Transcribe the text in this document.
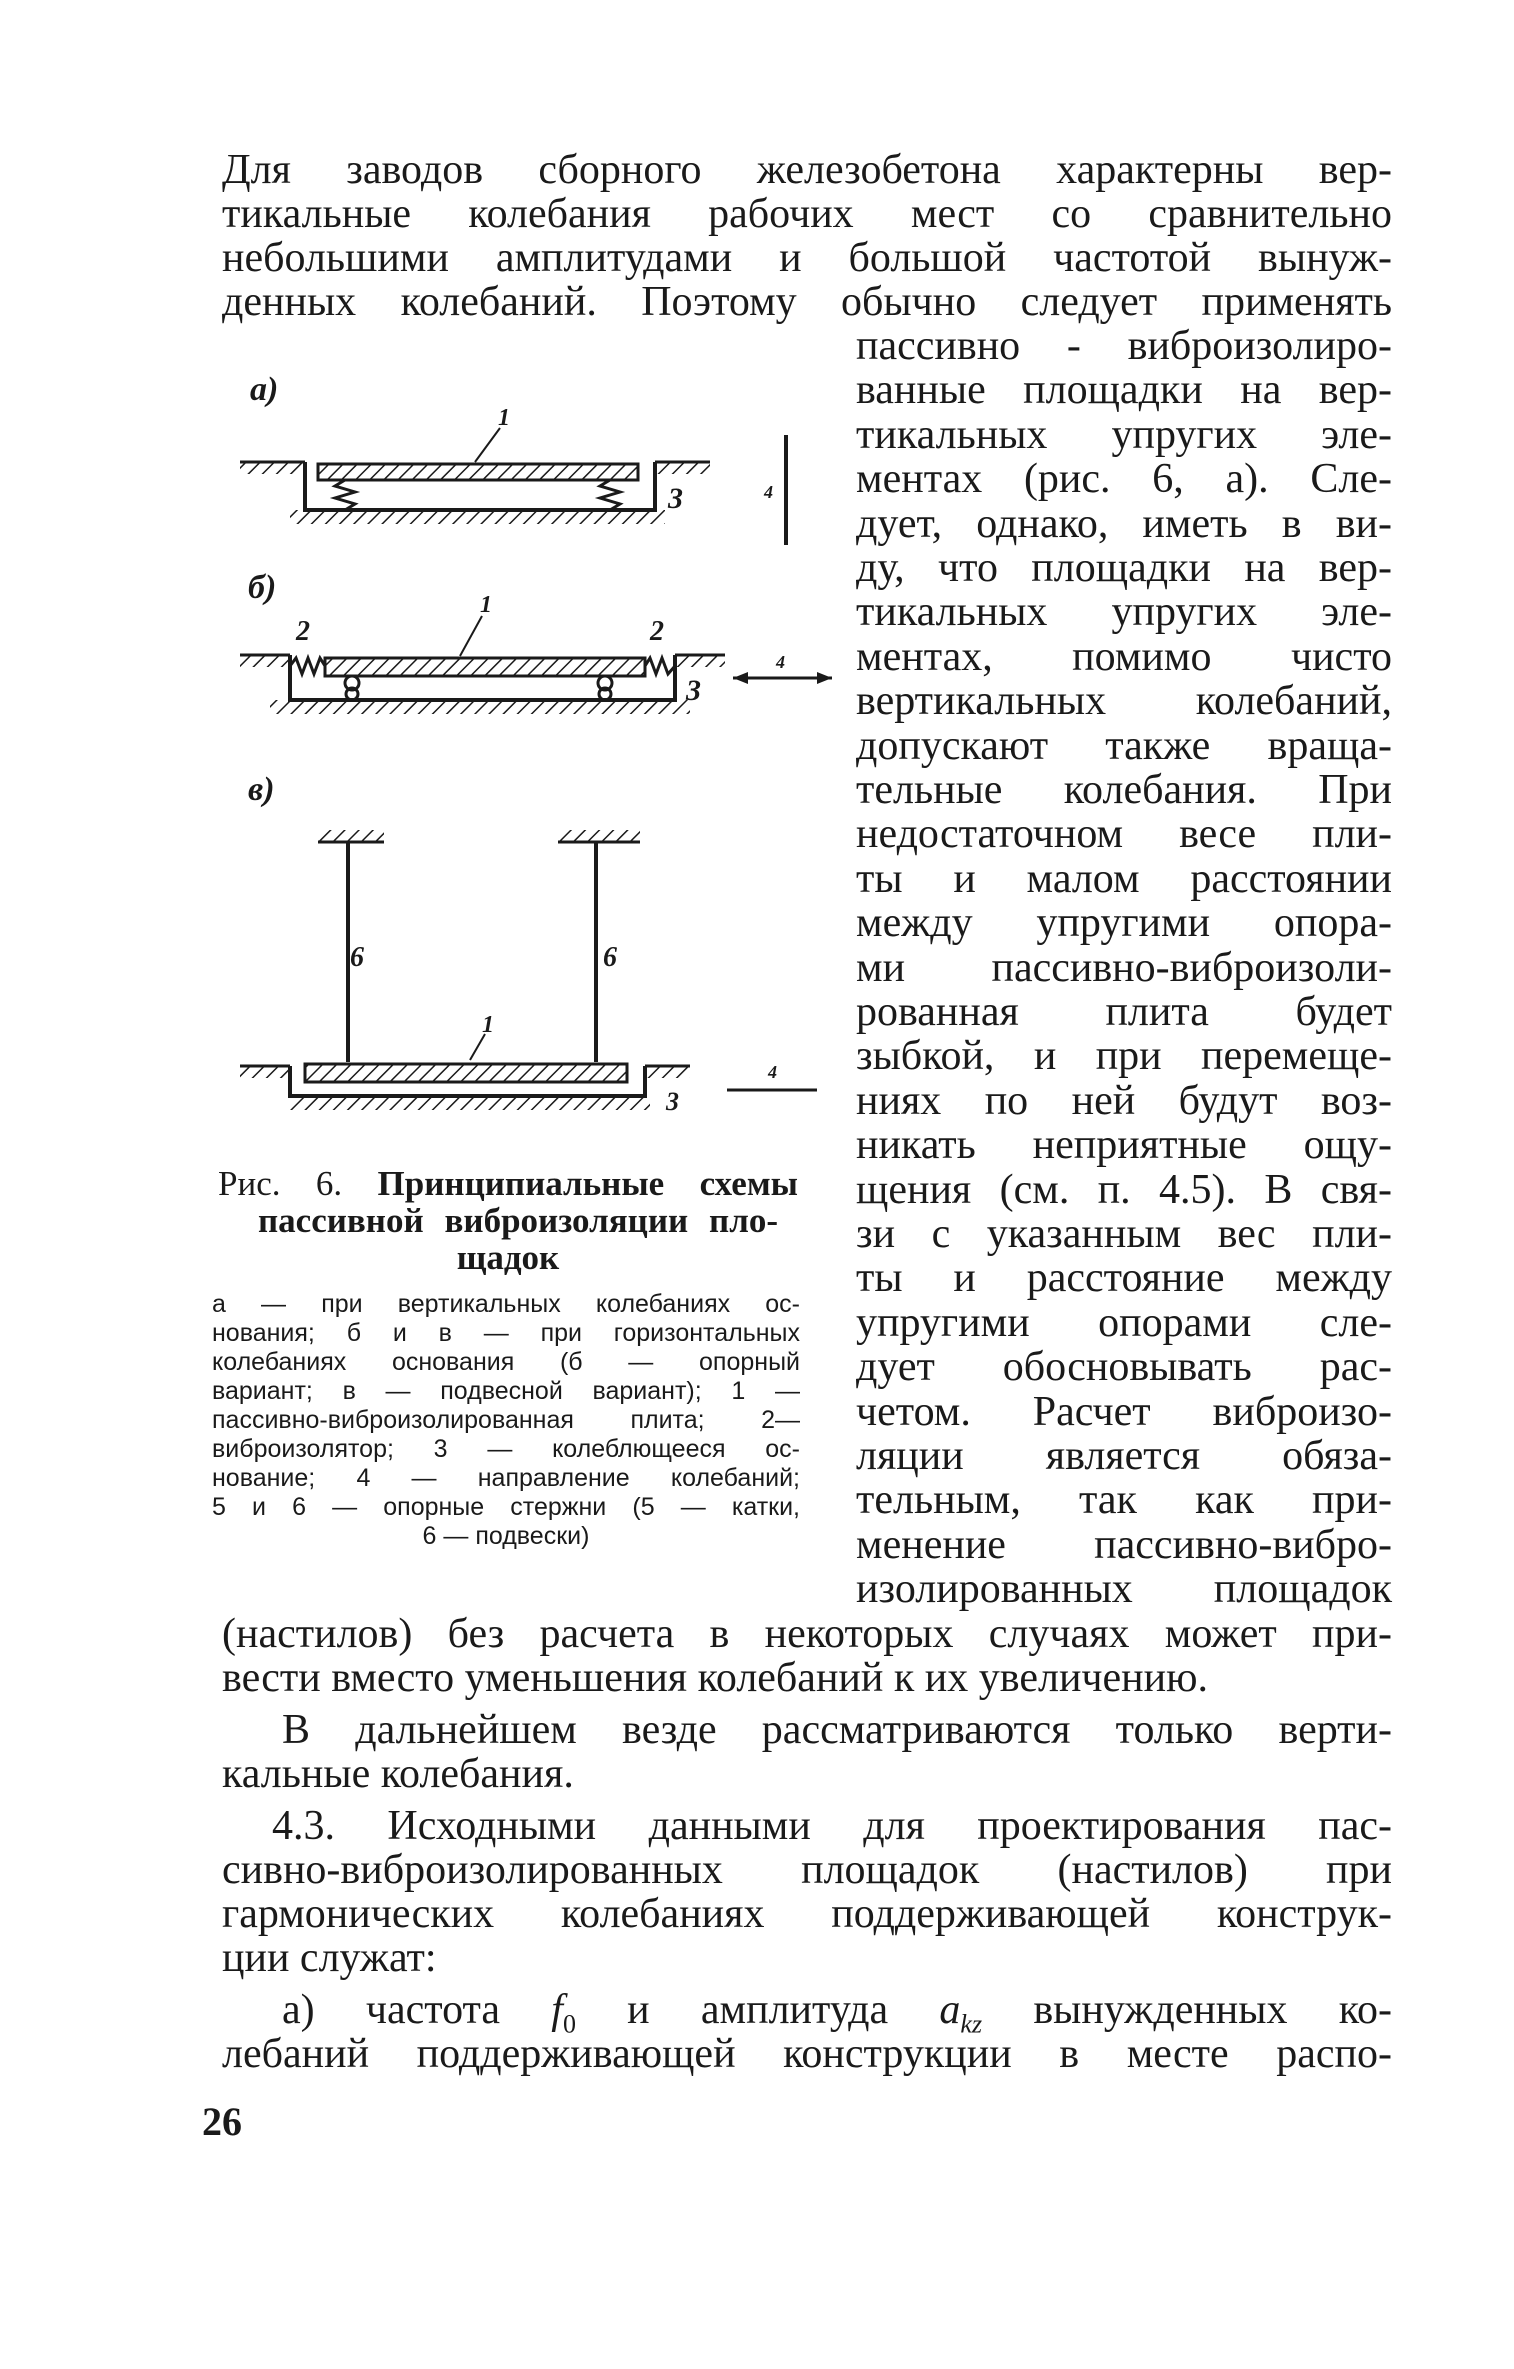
Для заводов сборного железобетона характерны вер-
тикальные колебания рабочих мест со сравнительно
небольшими амплитудами и большой частотой вынуж-
денных колебаний. Поэтому обычно следует применять
пассивно - виброизолиро-
ванные площадки на вер-
тикальных упругих эле-
ментах (рис. 6, а). Сле-
дует, однако, иметь в ви-
ду, что площадки на вер-
тикальных упругих эле-
ментах, помимо чисто
вертикальных колебаний,
допускают также враща-
тельные колебания. При
недостаточном весе пли-
ты и малом расстоянии
между упругими опора-
ми пассивно-виброизоли-
рованная плита будет
зыбкой, и при перемеще-
ниях по ней будут воз-
никать неприятные ощу-
щения (см. п. 4.5). В свя-
зи с указанным вес пли-
ты и расстояние между
упругими опорами сле-
дует обосновывать рас-
четом. Расчет виброизо-
ляции является обяза-
тельным, так как при-
менение пассивно-вибро-
изолированных площадок
(настилов) без расчета в некоторых случаях может при-
вести вместо уменьшения колебаний к их увеличению.
В дальнейшем везде рассматриваются только верти-
кальные колебания.
4.3. Исходными данными для проектирования пас-
сивно-виброизолированных площадок (настилов) при
гармонических колебаниях поддерживающей конструк-
ции служат:
а) частота $f_0$ и амплитуда $a_{kz}$ вынужденных ко-
лебаний поддерживающей конструкции в месте распо-
а)
1
3	4
б)	1
2	2
3
4
в)
6	6
1
3
4
Рис. 6. Принципиальные схемы
пассивной виброизоляции пло-
щадок
а — при вертикальных колебаниях ос-
нования; б и в — при горизонтальных
колебаниях основания (б — опорный
вариант; в — подвесной вариант); 1 —
пассивно-виброизолированная плита; 2—
виброизолятор; 3 — колеблющееся ос-
нование; 4 — направление колебаний;
5 и 6 — опорные стержни (5 — катки,
6 — подвески)
26
